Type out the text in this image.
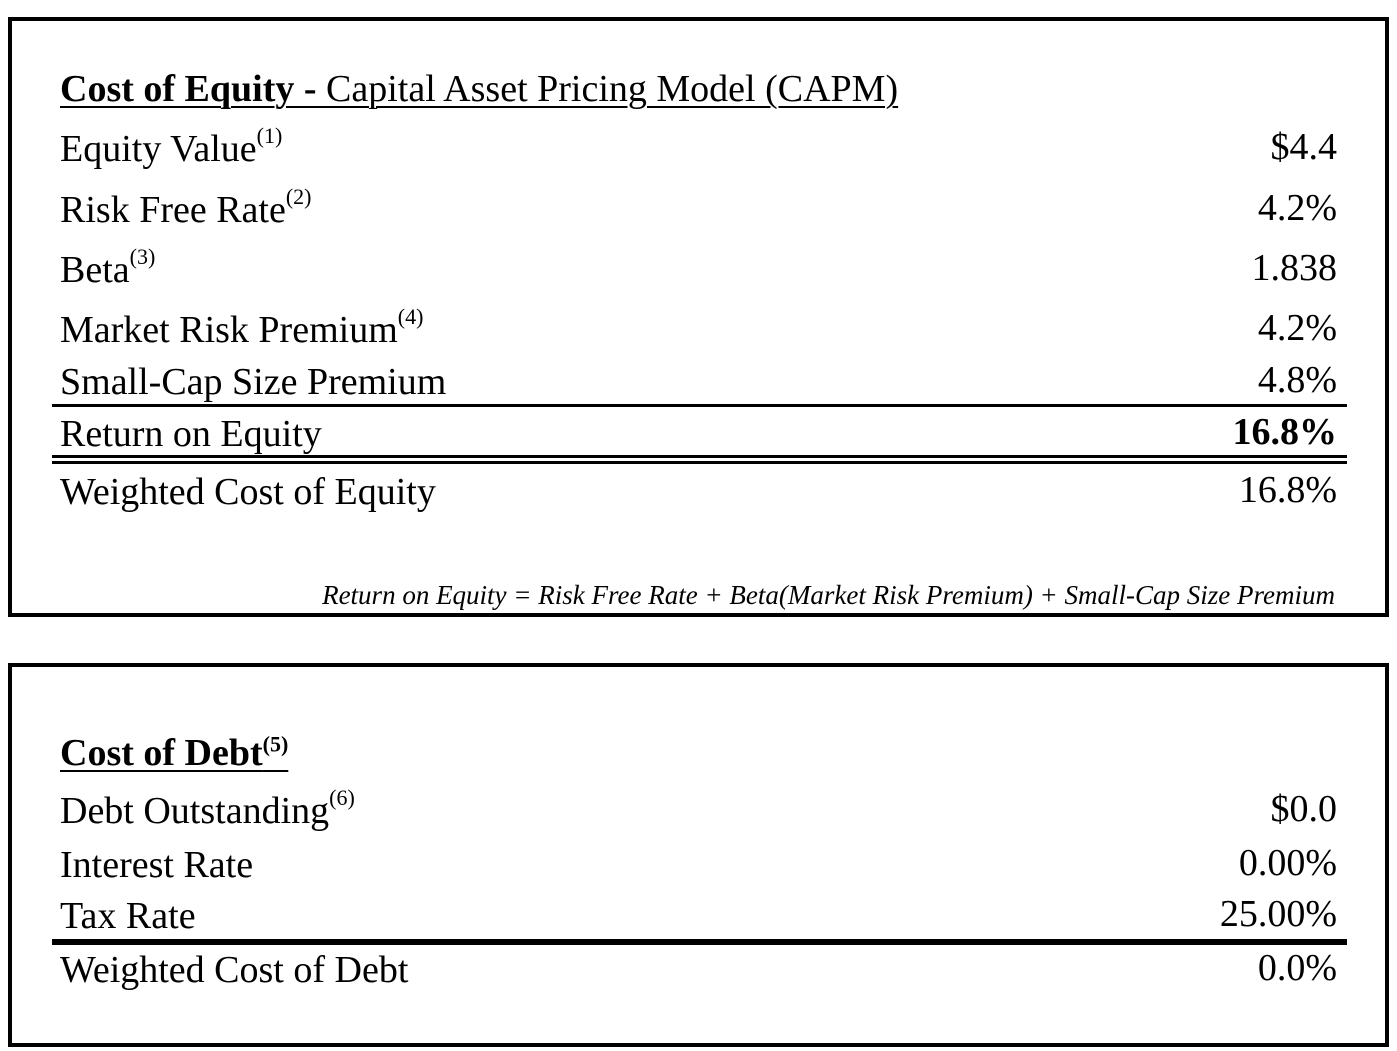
Cost of Equity - Capital Asset Pricing Model (CAPM)
Equity Value$^{(1)}$	$4.4
Risk Free Rate$^{(2)}$	4.2%
Beta$^{(3)}$	1.838
Market Risk Premium$^{(4)}$	4.2%
Small-Cap Size Premium	4.8%
Return on Equity	16.8%
Weighted Cost of Equity	16.8%
Return on Equity = Risk Free Rate + Beta(Market Risk Premium) + Small-Cap Size Premium
Cost of Debt$^{(5)}$
Debt Outstanding$^{(6)}$	$0.0
Interest Rate	0.00%
Tax Rate	25.00%
Weighted Cost of Debt	0.0%
